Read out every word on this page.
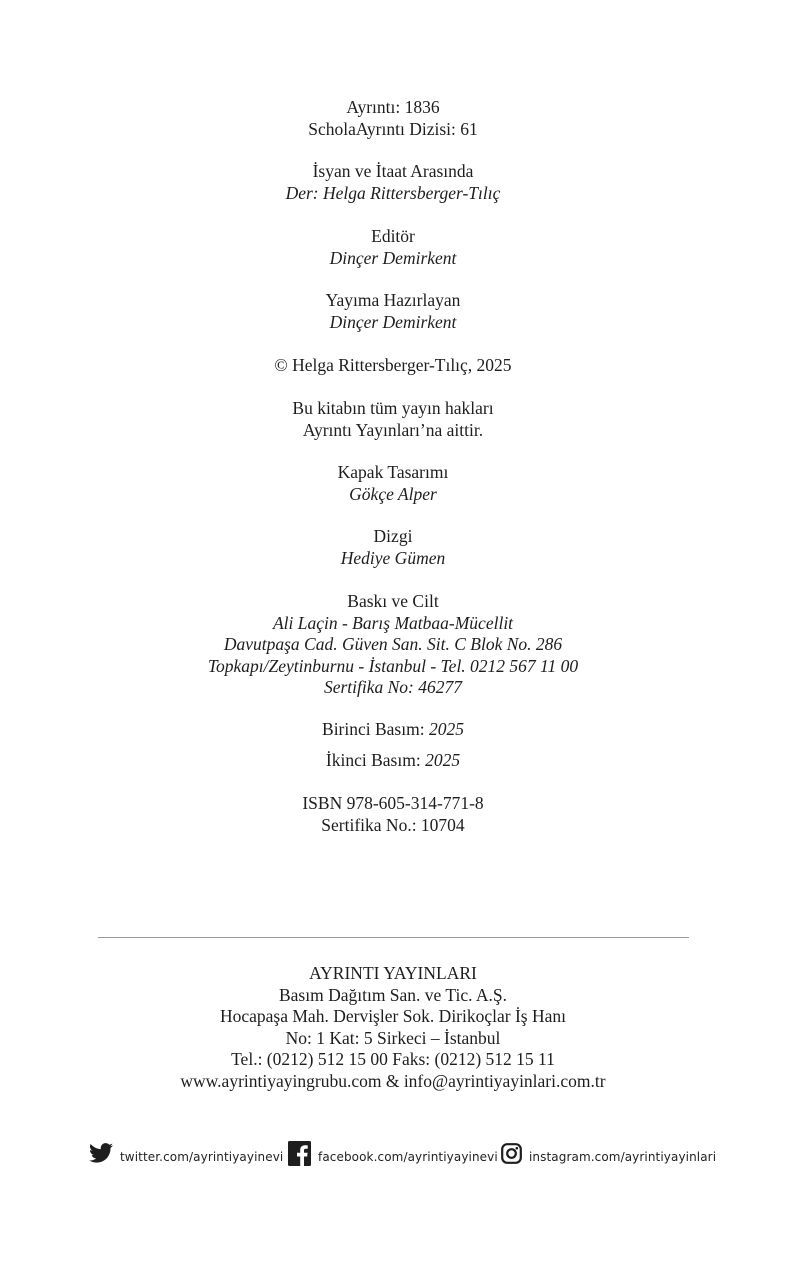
Ayrıntı: 1836
ScholaAyrıntı Dizisi: 61
İsyan ve İtaat Arasında
Der: Helga Rittersberger-Tılıç
Editör
Dinçer Demirkent
Yayıma Hazırlayan
Dinçer Demirkent
© Helga Rittersberger-Tılıç, 2025
Bu kitabın tüm yayın hakları
Ayrıntı Yayınları’na aittir.
Kapak Tasarımı
Gökçe Alper
Dizgi
Hediye Gümen
Baskı ve Cilt
Ali Laçin - Barış Matbaa-Mücellit
Davutpaşa Cad. Güven San. Sit. C Blok No. 286
Topkapı/Zeytinburnu - İstanbul - Tel. 0212 567 11 00
Sertifika No: 46277
Birinci Basım: 2025
İkinci Basım: 2025
ISBN 978-605-314-771-8
Sertifika No.: 10704
AYRINTI YAYINLARI
Basım Dağıtım San. ve Tic. A.Ş.
Hocapaşa Mah. Dervişler Sok. Dirikoçlar İş Hanı
No: 1 Kat: 5 Sirkeci – İstanbul
Tel.: (0212) 512 15 00 Faks: (0212) 512 15 11
www.ayrintiyayingrubu.com & info@ayrintiyayinlari.com.tr
twitter.com/ayrintiyayinevi	facebook.com/ayrintiyayinevi	instagram.com/ayrintiyayinlari
